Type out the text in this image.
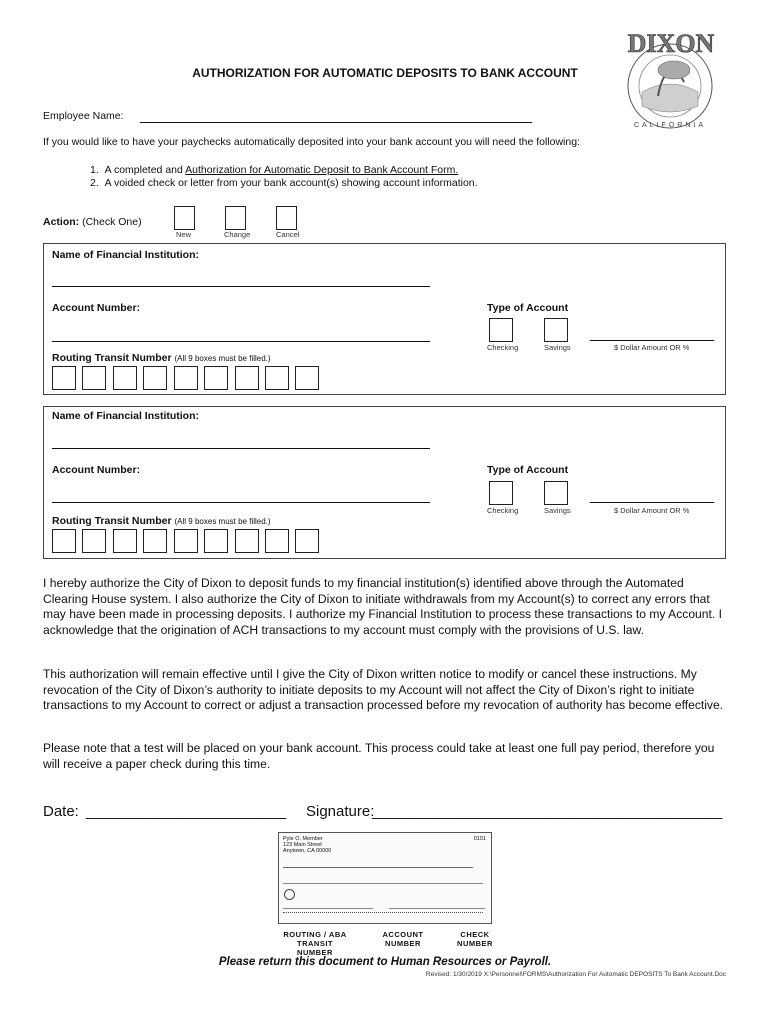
AUTHORIZATION FOR AUTOMATIC DEPOSITS TO BANK ACCOUNT
DIXON
CALIFORNIA
Employee Name:
If you would like to have your paychecks automatically deposited into your bank account you will need the following:
1. A completed and Authorization for Automatic Deposit to Bank Account Form.
2. A voided check or letter from your bank account(s) showing account information.
Action: (Check One)
New	Change	Cancel
Name of Financial Institution:
Account Number:	Type of Account
Checking	Savings	$ Dollar Amount OR %
Routing Transit Number (All 9 boxes must be filled.)
Name of Financial Institution:
Account Number:	Type of Account
Checking	Savings	$ Dollar Amount OR %
Routing Transit Number (All 9 boxes must be filled.)
I hereby authorize the City of Dixon to deposit funds to my financial institution(s) identified above through the Automated Clearing House system. I also authorize the City of Dixon to initiate withdrawals from my Account(s) to correct any errors that may have been made in processing deposits. I authorize my Financial Institution to process these transactions to my Account. I acknowledge that the origination of ACH transactions to my account must comply with the provisions of U.S. law.
This authorization will remain effective until I give the City of Dixon written notice to modify or cancel these instructions. My revocation of the City of Dixon’s authority to initiate deposits to my Account will not affect the City of Dixon’s right to initiate transactions to my Account to correct or adjust a transaction processed before my revocation of authority has become effective.
Please note that a test will be placed on your bank account. This process could take at least one full pay period, therefore you will receive a paper check during this time.
Date: ________________________ Signature:
__________________________________________
Pyle O. Member
123 Main Street
Anytown, CA 00000
0101
ROUTING / ABA
TRANSIT NUMBER
ACCOUNT NUMBER
CHECK
NUMBER
Please return this document to Human Resources or Payroll.
Revised: 1/30/2019 X:\Personnel\FORMS\Authorization For Automatic DEPOSITS To Bank Account.Doc
